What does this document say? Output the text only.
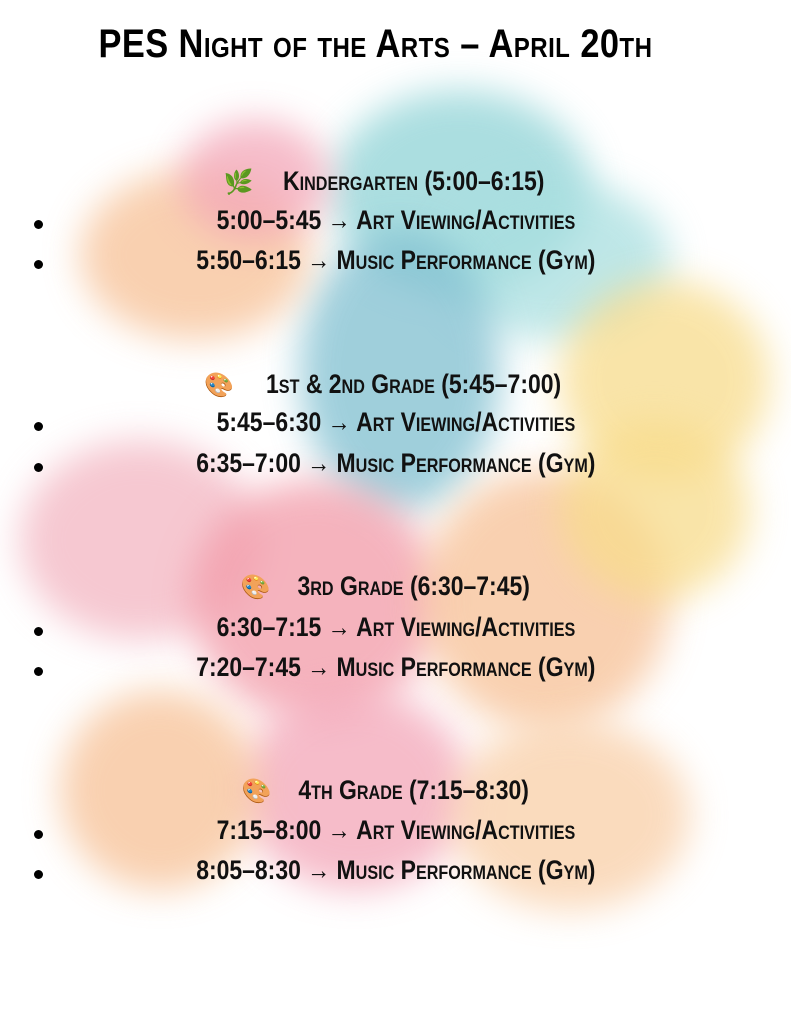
PES Night of the Arts – April 20th
🌿 Kindergarten (5:00–6:15)
5:00–5:45 → Art Viewing/Activities
5:50–6:15 → Music Performance (Gym)
🎨 1st & 2nd Grade (5:45–7:00)
5:45–6:30 → Art Viewing/Activities
6:35–7:00 → Music Performance (Gym)
🎨 3rd Grade (6:30–7:45)
6:30–7:15 → Art Viewing/Activities
7:20–7:45 → Music Performance (Gym)
🎨 4th Grade (7:15–8:30)
7:15–8:00 → Art Viewing/Activities
8:05–8:30 → Music Performance (Gym)
